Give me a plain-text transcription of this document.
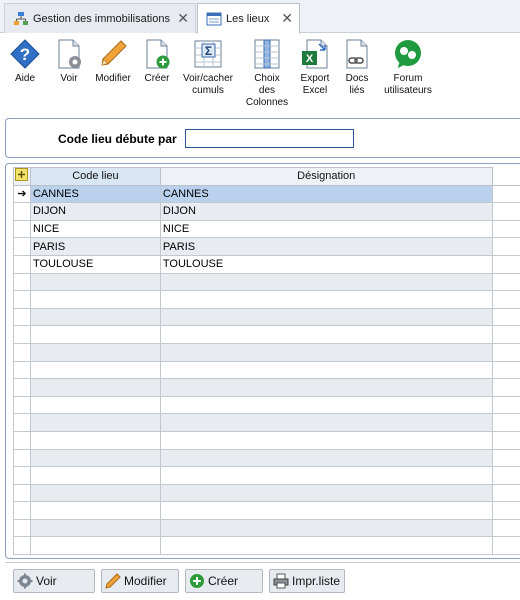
Gestion des immobilisations ✕	Les lieux ✕
?
Aide	Voir Modifier Créer
Σ
Voir/cacher
cumuls
Choix
des
Colonnes
X
Export
Excel
Docs
liés
Forum
utilisateurs
Code lieu débute par
	Code lieu	Désignation	
➔	CANNES	CANNES	
	DIJON	DIJON	
	NICE	NICE	
	PARIS	PARIS	
	TOULOUSE	TOULOUSE	

Voir	Modifier	Créer	Impr.liste
